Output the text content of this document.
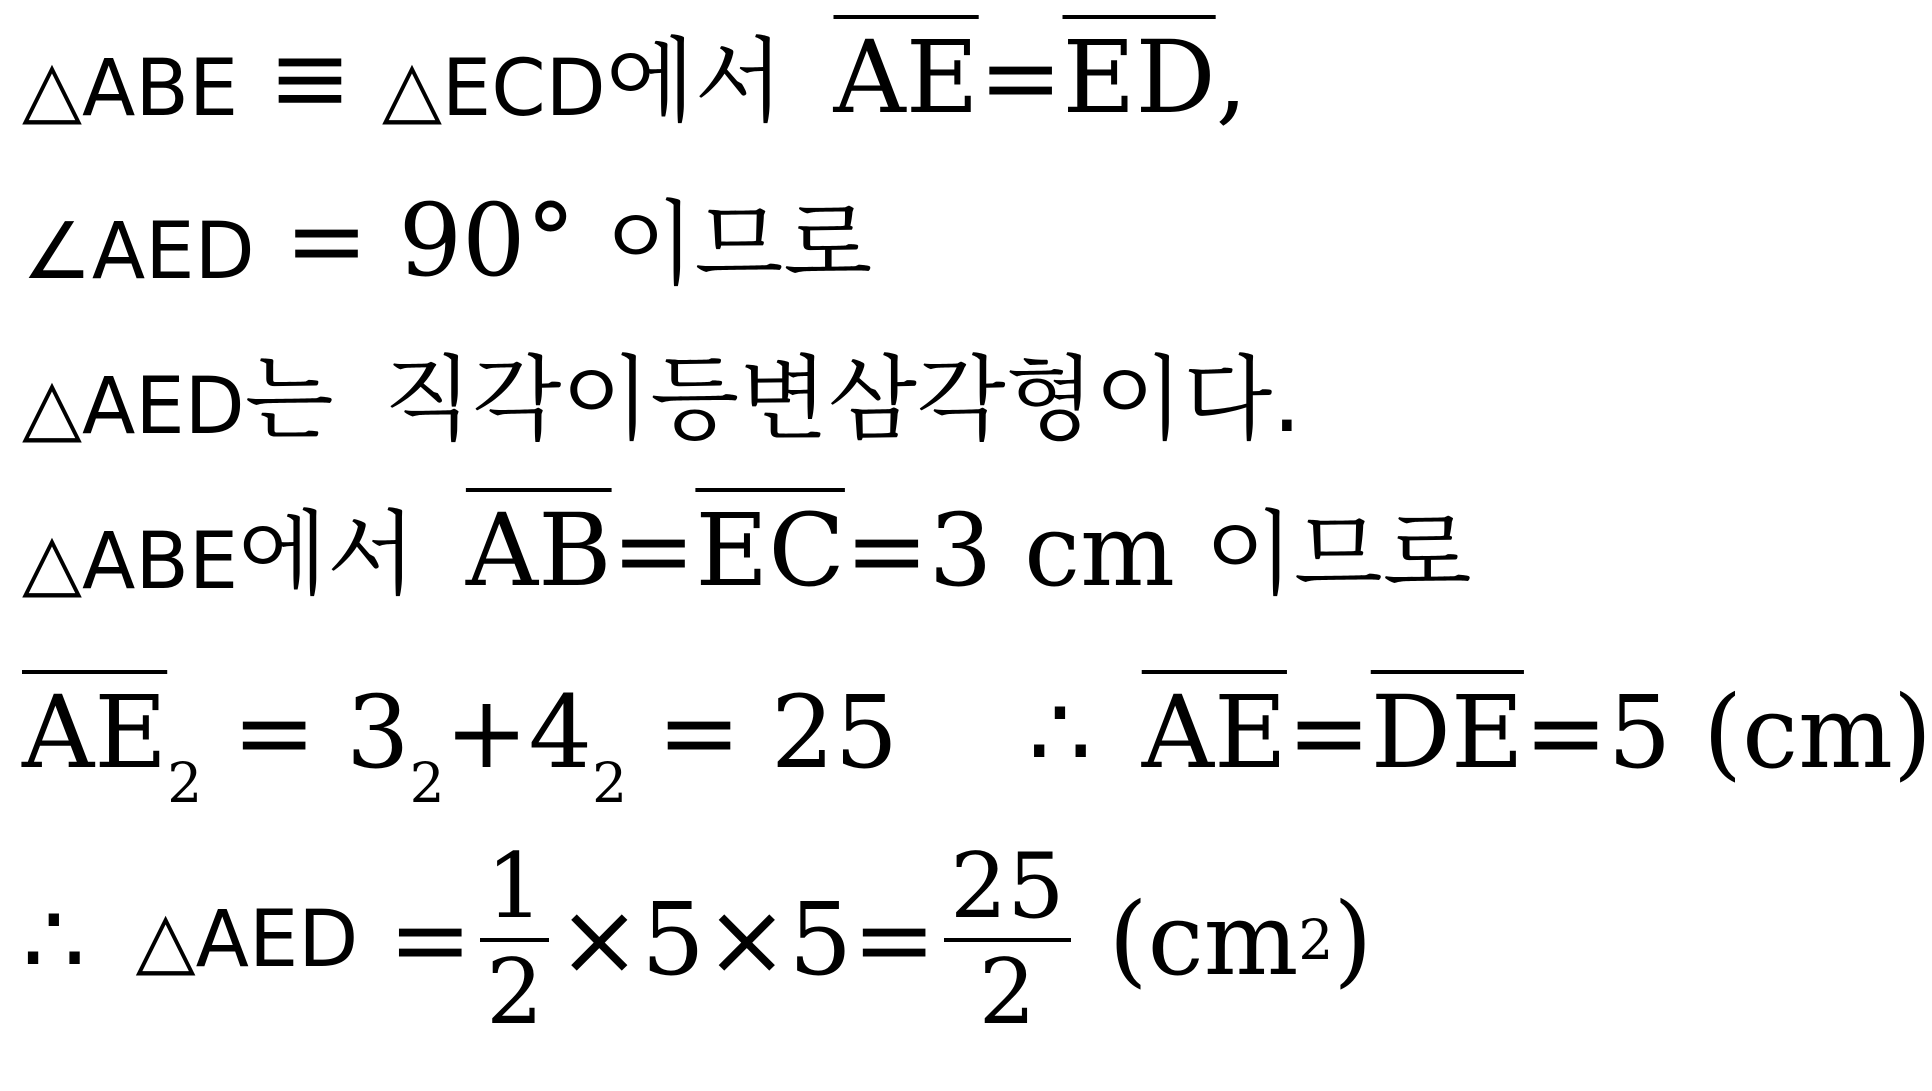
△ABE ≡ △ECD 에서 $\overline{AE} = \overline{ED}$ ,
∠AED = 90 ° 이므로
△AED 는 직각이등변삼각형이다.
△ABE 에서 $\overline{AB} = \overline{EC} = 3$ cm 이므로
$\overline{AE}$ 2 = 3 2 + 4 2 = 25 ∴ $\overline{AE} = \overline{DE} = 5$ (cm)
∴ △AED = $\frac{1}{2} \times 5 \times 5 = \frac{25}{2} (cm$ 2 )
